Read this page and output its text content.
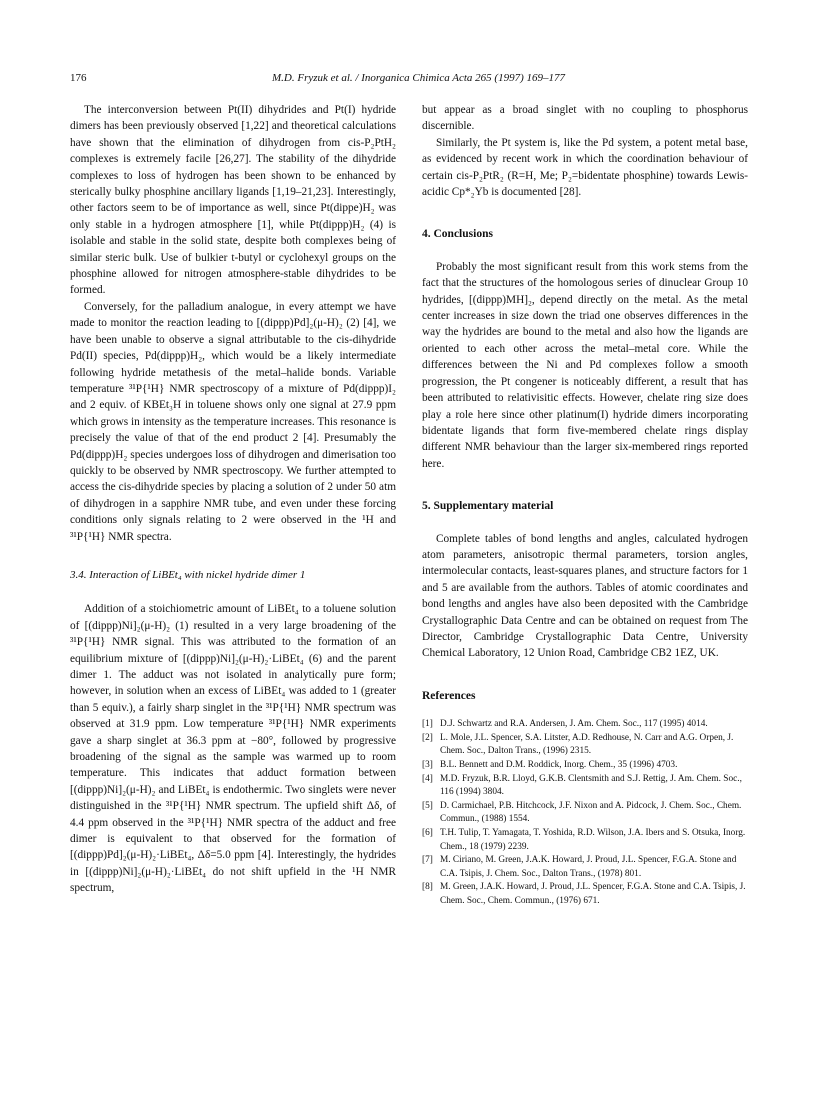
176	M.D. Fryzuk et al. / Inorganica Chimica Acta 265 (1997) 169–177

The interconversion between Pt(II) dihydrides and Pt(I) hydride dimers has been previously observed [1,22] and theoretical calculations have shown that the elimination of dihydrogen from cis-P₂PtH₂ complexes is extremely facile [26,27]. The stability of the dihydride complexes to loss of hydrogen has been shown to be enhanced by sterically bulky phosphine ancillary ligands [1,19–21,23]. Interestingly, other factors seem to be of importance as well, since Pt(dippe)H₂ was only stable in a hydrogen atmosphere [1], while Pt(dippp)H₂ (4) is isolable and stable in the solid state, despite both complexes being of similar steric bulk. Use of bulkier t-butyl or cyclohexyl groups on the phosphine allowed for nitrogen atmosphere-stable dihydrides to be formed.

Conversely, for the palladium analogue, in every attempt we have made to monitor the reaction leading to [(dippp)Pd]₂(μ-H)₂ (2) [4], we have been unable to observe a signal attributable to the cis-dihydride Pd(II) species, Pd(dippp)H₂, which would be a likely intermediate following hydride metathesis of the metal–halide bonds. Variable temperature ³¹P{¹H} NMR spectroscopy of a mixture of Pd(dippp)I₂ and 2 equiv. of KBEt₃H in toluene shows only one signal at 27.9 ppm which grows in intensity as the temperature increases. This resonance is precisely the value of that of the end product 2 [4]. Presumably the Pd(dippp)H₂ species undergoes loss of dihydrogen and dimerisation too quickly to be observed by NMR spectroscopy. We further attempted to access the cis-dihydride species by placing a solution of 2 under 50 atm of dihydrogen in a sapphire NMR tube, and even under these forcing conditions only signals relating to 2 were observed in the ¹H and ³¹P{¹H} NMR spectra.

3.4. Interaction of LiBEt₄ with nickel hydride dimer 1

Addition of a stoichiometric amount of LiBEt₄ to a toluene solution of [(dippp)Ni]₂(μ-H)₂ (1) resulted in a very large broadening of the ³¹P{¹H} NMR signal. This was attributed to the formation of an equilibrium mixture of [(dippp)Ni]₂(μ-H)₂·LiBEt₄ (6) and the parent dimer 1. The adduct was not isolated in analytically pure form; however, in solution when an excess of LiBEt₄ was added to 1 (greater than 5 equiv.), a fairly sharp singlet in the ³¹P{¹H} NMR spectrum was observed at 31.9 ppm. Low temperature ³¹P{¹H} NMR experiments gave a sharp singlet at 36.3 ppm at −80°, followed by progressive broadening of the signal as the sample was warmed up to room temperature. This indicates that adduct formation between [(dippp)Ni]₂(μ-H)₂ and LiBEt₄ is endothermic. Two singlets were never distinguished in the ³¹P{¹H} NMR spectrum. The upfield shift Δδ, of 4.4 ppm observed in the ³¹P{¹H} NMR spectra of the adduct and free dimer is equivalent to that observed for the formation of [(dippp)Pd]₂(μ-H)₂·LiBEt₄, Δδ=5.0 ppm [4]. Interestingly, the hydrides in [(dippp)Ni]₂(μ-H)₂·LiBEt₄ do not shift upfield in the ¹H NMR spectrum,

but appear as a broad singlet with no coupling to phosphorus discernible.

Similarly, the Pt system is, like the Pd system, a potent metal base, as evidenced by recent work in which the coordination behaviour of certain cis-P₂PtR₂ (R=H, Me; P₂=bidentate phosphine) towards Lewis-acidic Cp*₂Yb is documented [28].

4. Conclusions

Probably the most significant result from this work stems from the fact that the structures of the homologous series of dinuclear Group 10 hydrides, [(dippp)MH]₂, depend directly on the metal. As the metal center increases in size down the triad one observes differences in the way the hydrides are bound to the metal and also how the ligands are oriented to each other across the metal–metal core. While the differences between the Ni and Pd complexes follow a smooth progression, the Pt congener is noticeably different, a result that has been attributed to relativisitic effects. However, chelate ring size does play a role here since other platinum(I) hydride dimers incorporating bidentate ligands that form five-membered chelate rings display different NMR behaviour than the larger six-membered rings reported here.

5. Supplementary material

Complete tables of bond lengths and angles, calculated hydrogen atom parameters, anisotropic thermal parameters, torsion angles, intermolecular contacts, least-squares planes, and structure factors for 1 and 5 are available from the authors. Tables of atomic coordinates and bond lengths and angles have also been deposited with the Cambridge Crystallographic Data Centre and can be obtained on request from The Director, Cambridge Crystallographic Data Centre, University Chemical Laboratory, 12 Union Road, Cambridge CB2 1EZ, UK.

References
[1] D.J. Schwartz and R.A. Andersen, J. Am. Chem. Soc., 117 (1995) 4014.
[2] L. Mole, J.L. Spencer, S.A. Litster, A.D. Redhouse, N. Carr and A.G. Orpen, J. Chem. Soc., Dalton Trans., (1996) 2315.
[3] B.L. Bennett and D.M. Roddick, Inorg. Chem., 35 (1996) 4703.
[4] M.D. Fryzuk, B.R. Lloyd, G.K.B. Clentsmith and S.J. Rettig, J. Am. Chem. Soc., 116 (1994) 3804.
[5] D. Carmichael, P.B. Hitchcock, J.F. Nixon and A. Pidcock, J. Chem. Soc., Chem. Commun., (1988) 1554.
[6] T.H. Tulip, T. Yamagata, T. Yoshida, R.D. Wilson, J.A. Ibers and S. Otsuka, Inorg. Chem., 18 (1979) 2239.
[7] M. Ciriano, M. Green, J.A.K. Howard, J. Proud, J.L. Spencer, F.G.A. Stone and C.A. Tsipis, J. Chem. Soc., Dalton Trans., (1978) 801.
[8] M. Green, J.A.K. Howard, J. Proud, J.L. Spencer, F.G.A. Stone and C.A. Tsipis, J. Chem. Soc., Chem. Commun., (1976) 671.
